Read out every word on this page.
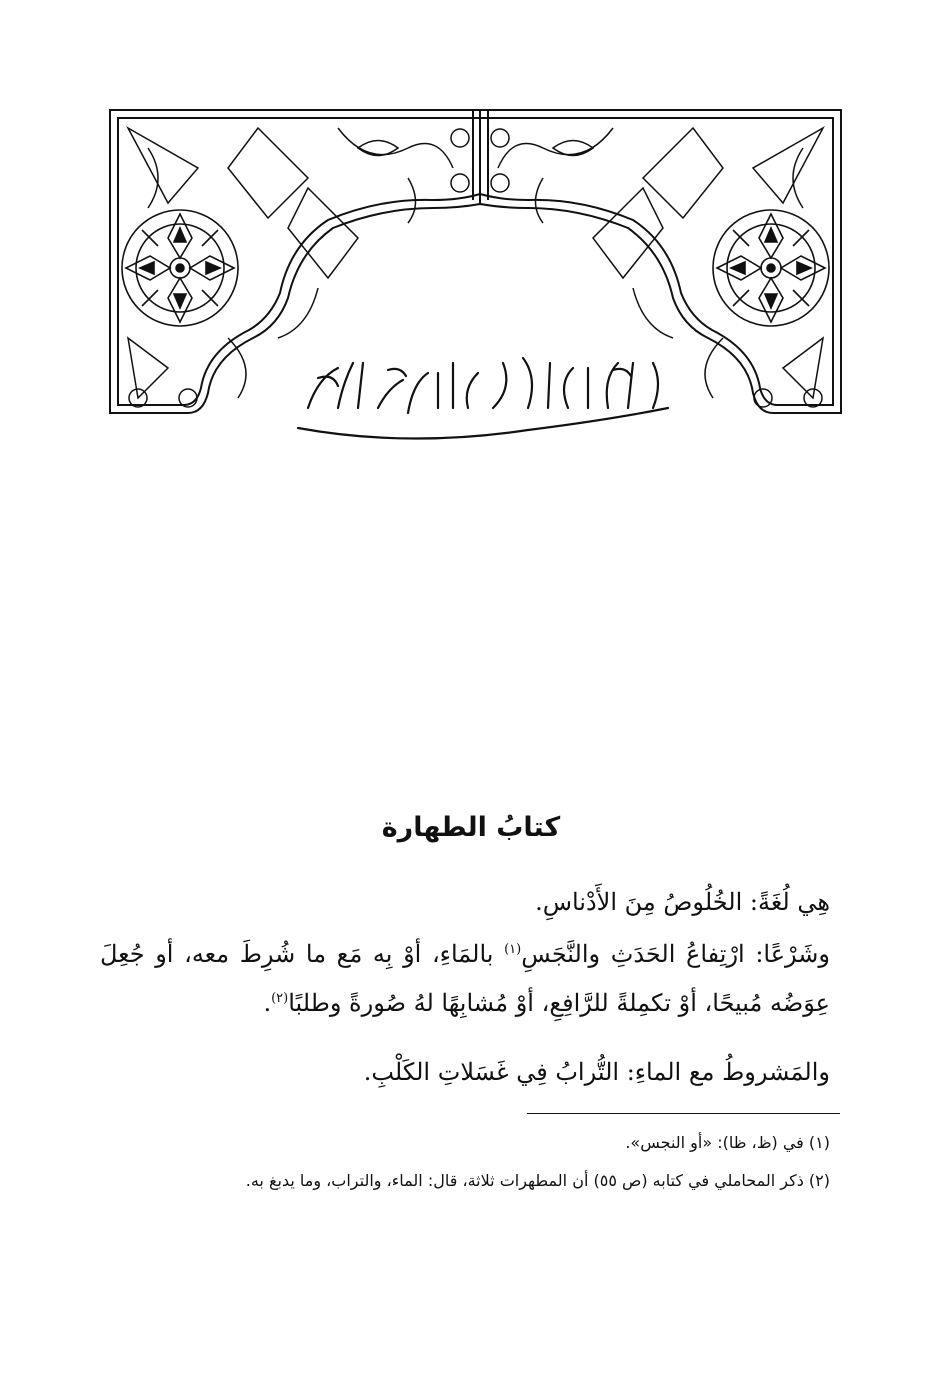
كتابُ الطهارة

هِي لُغَةً: الخُلُوصُ مِنَ الأَدْناسِ.

وشَرْعًا: ارْتِفاعُ الحَدَثِ والنَّجَسِ$^{(١)}$ بالمَاءِ، أوْ بِه مَع ما شُرِطَ معه، أو جُعِلَ عِوَضُه مُبيحًا، أوْ تكمِلةً للرَّافِعِ، أوْ مُشابِهًا لهُ صُورةً وطلبًا$^{(٢)}$.

والمَشروطُ مع الماءِ: التُّرابُ فِي غَسَلاتِ الكَلْبِ.

(١) في (ظ، ظا): «أو النجس».

(٢) ذكر المحاملي في كتابه (ص ٥٥) أن المطهرات ثلاثة، قال: الماء، والتراب، وما يدبغ به.
